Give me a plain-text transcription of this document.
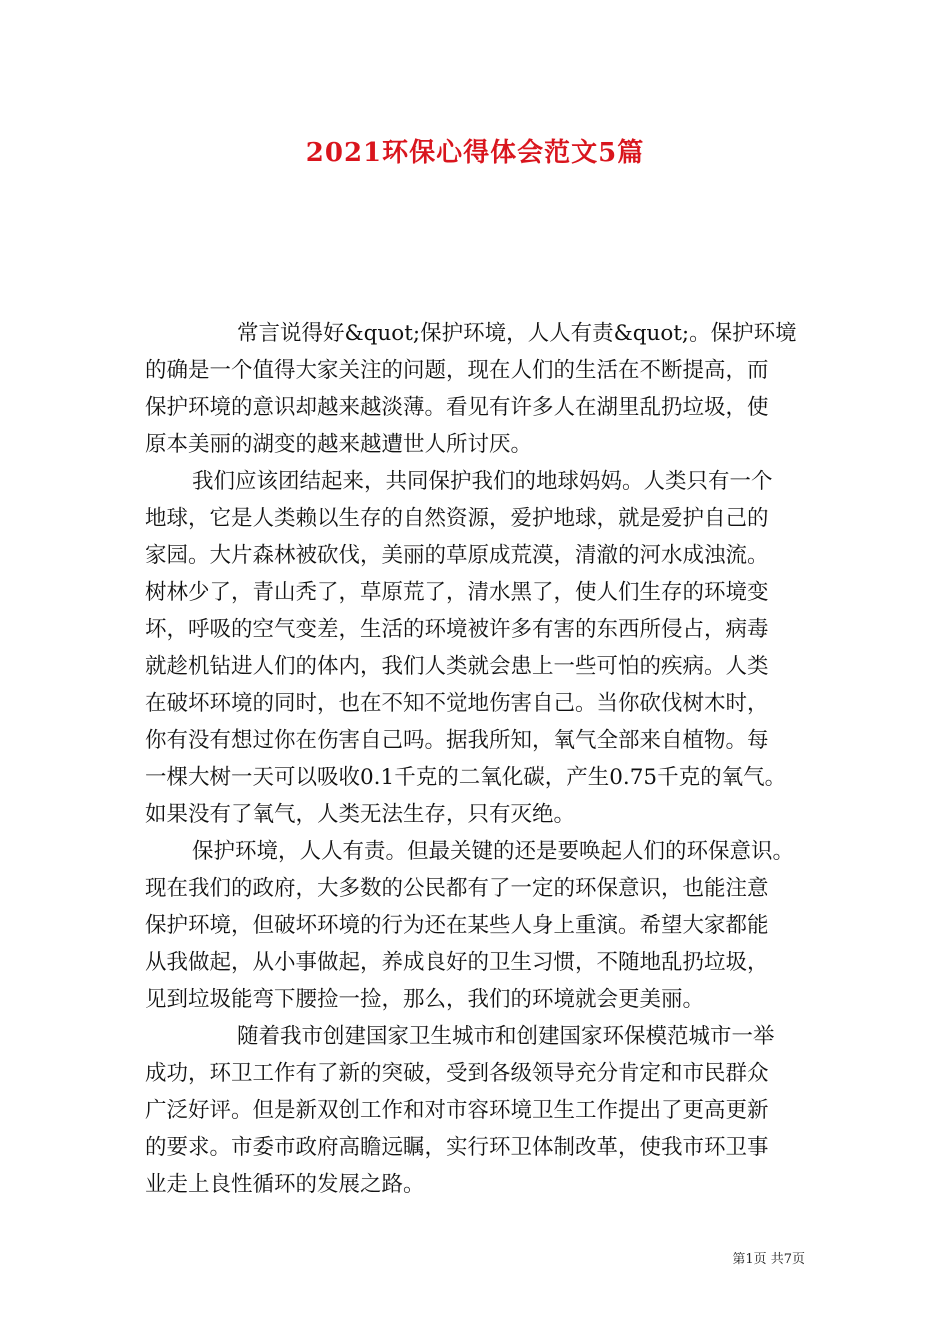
2021环保心得体会范文5篇

常言说得好&quot;保护环境，人人有责&quot;。保护环境

的确是一个值得大家关注的问题，现在人们的生活在不断提高，而

保护环境的意识却越来越淡薄。看见有许多人在湖里乱扔垃圾，使

原本美丽的湖变的越来越遭世人所讨厌。

我们应该团结起来，共同保护我们的地球妈妈。人类只有一个

地球，它是人类赖以生存的自然资源，爱护地球，就是爱护自己的

家园。大片森林被砍伐，美丽的草原成荒漠，清澈的河水成浊流。

树林少了，青山秃了，草原荒了，清水黑了，使人们生存的环境变

坏，呼吸的空气变差，生活的环境被许多有害的东西所侵占，病毒

就趁机钻进人们的体内，我们人类就会患上一些可怕的疾病。人类

在破坏环境的同时，也在不知不觉地伤害自己。当你砍伐树木时，

你有没有想过你在伤害自己吗。据我所知，氧气全部来自植物。每

一棵大树一天可以吸收0.1千克的二氧化碳，产生0.75千克的氧气。

如果没有了氧气，人类无法生存，只有灭绝。

保护环境，人人有责。但最关键的还是要唤起人们的环保意识。

现在我们的政府，大多数的公民都有了一定的环保意识，也能注意

保护环境，但破坏环境的行为还在某些人身上重演。希望大家都能

从我做起，从小事做起，养成良好的卫生习惯，不随地乱扔垃圾，

见到垃圾能弯下腰捡一捡，那么，我们的环境就会更美丽。

随着我市创建国家卫生城市和创建国家环保模范城市一举

成功，环卫工作有了新的突破，受到各级领导充分肯定和市民群众

广泛好评。但是新双创工作和对市容环境卫生工作提出了更高更新

的要求。市委市政府高瞻远瞩，实行环卫体制改革，使我市环卫事

业走上良性循环的发展之路。

第1页 共7页
